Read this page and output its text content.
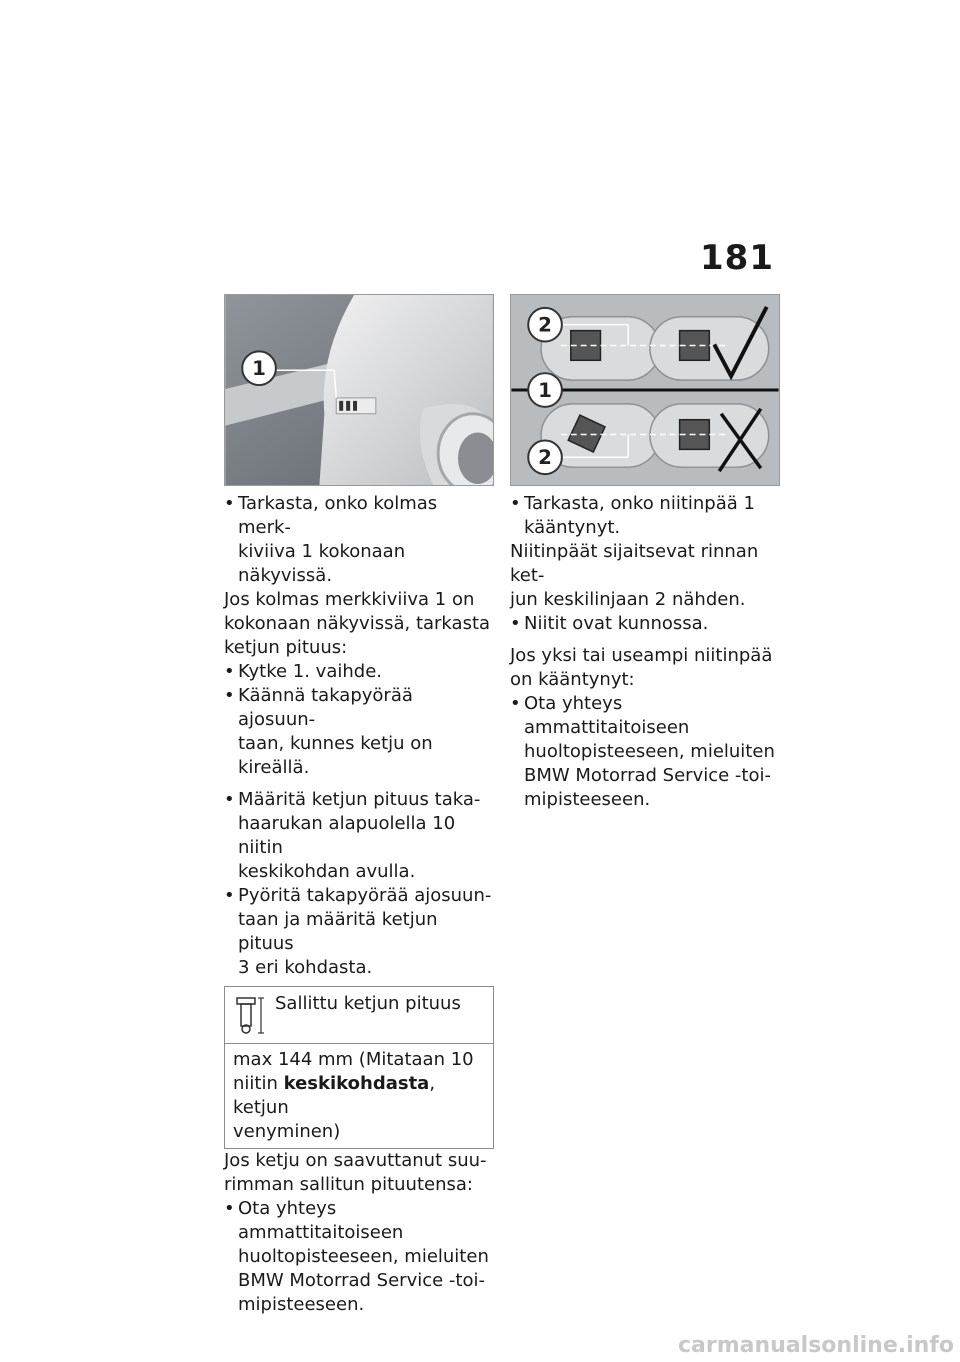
181
1

• Tarkasta, onko kolmas merk-

kiviiva 1 kokonaan näkyvissä.

Jos kolmas merkkiviiva 1 on

kokonaan näkyvissä, tarkasta

ketjun pituus:

• Kytke 1. vaihde.

• Käännä takapyörää ajosuun-

taan, kunnes ketju on kireällä.

• Määritä ketjun pituus taka-

haarukan alapuolella 10 niitin

keskikohdan avulla.

• Pyöritä takapyörää ajosuun-

taan ja määritä ketjun pituus

3 eri kohdasta.

Sallittu ketjun pituus
max 144 mm (Mitataan 10
niitin keskikohdasta, ketjun
venyminen)

Jos ketju on saavuttanut suu-

rimman sallitun pituutensa:

• Ota yhteys ammattitaitoiseen

huoltopisteeseen, mieluiten

BMW Motorrad Service -toi-

mipisteeseen.

2
1
2

• Tarkasta, onko niitinpää 1

kääntynyt.

Niitinpäät sijaitsevat rinnan ket-

jun keskilinjaan 2 nähden.

• Niitit ovat kunnossa.

Jos yksi tai useampi niitinpää

on kääntynyt:

• Ota yhteys ammattitaitoiseen

huoltopisteeseen, mieluiten

BMW Motorrad Service -toi-

mipisteeseen.

carmanualsonline.info
